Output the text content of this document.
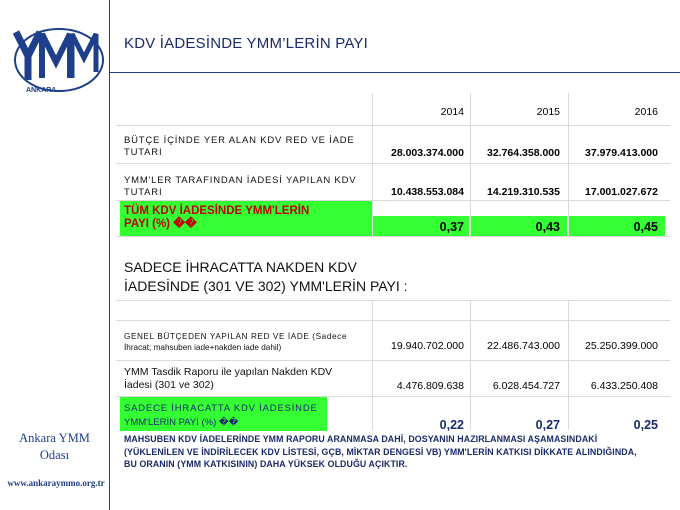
ANKARA
Ankara YMM
Odası
www.ankaraymmo.org.tr
KDV İADESİNDE YMM’LERİN PAYI
2014	2015	2016
BÜTÇE İÇİNDE YER ALAN KDV RED VE İADE TUTARI	28.003.374.000	32.764.358.000	37.979.413.000
YMM'LER TARAFINDAN İADESİ YAPILAN KDV TUTARI	10.438.553.084	14.219.310.535	17.001.027.672
TÜM KDV İADESİNDE YMM'LERİN
PAYI (%) ��	0,37	0,43	0,45
SADECE İHRACATTA NAKDEN KDV
İADESİNDE (301 VE 302) YMM'LERİN PAYI :
GENEL BÜTÇEDEN YAPILAN RED VE İADE (Sadece
İhracat; mahsuben iade+nakden iade dahil)	19.940.702.000	22.486.743.000	25.250.399.000
YMM Tasdik Raporu ile yapılan Nakden KDV
İadesi (301 ve 302)	4.476.809.638	6.028.454.727	6.433.250.408
SADECE İHRACATTA KDV İADESİNDE
YMM'LERİN PAYI (%) ��	0,22	0,27	0,25
MAHSUBEN KDV İADELERİNDE YMM RAPORU ARANMASA DAHİ, DOSYANIN HAZIRLANMASI AŞAMASINDAKİ
(YÜKLENİLEN VE İNDİRİLECEK KDV LİSTESİ, GÇB, MİKTAR DENGESİ VB) YMM'LERİN KATKISI DİKKATE ALINDIĞINDA,
BU ORANIN (YMM KATKISININ) DAHA YÜKSEK OLDUĞU AÇIKTIR.
